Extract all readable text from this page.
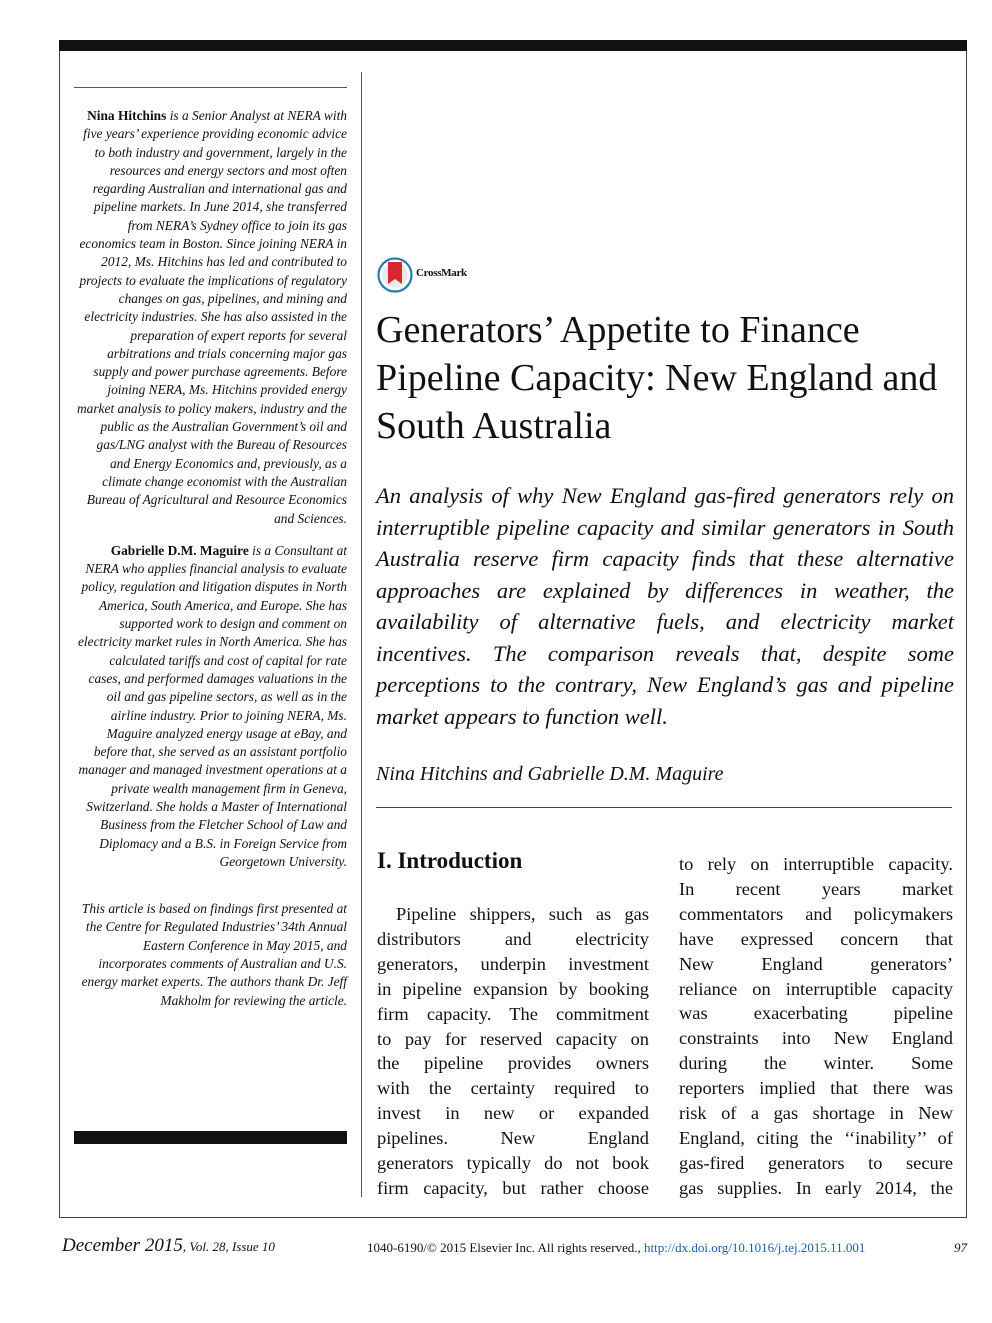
Nina Hitchins is a Senior Analyst at NERA with five years’ experience providing economic advice to both industry and government, largely in the resources and energy sectors and most often regarding Australian and international gas and pipeline markets. In June 2014, she transferred from NERA’s Sydney office to join its gas economics team in Boston. Since joining NERA in 2012, Ms. Hitchins has led and contributed to projects to evaluate the implications of regulatory changes on gas, pipelines, and mining and electricity industries. She has also assisted in the preparation of expert reports for several arbitrations and trials concerning major gas supply and power purchase agreements. Before joining NERA, Ms. Hitchins provided energy market analysis to policy makers, industry and the public as the Australian Government’s oil and gas/LNG analyst with the Bureau of Resources and Energy Economics and, previously, as a climate change economist with the Australian Bureau of Agricultural and Resource Economics and Sciences.

Gabrielle D.M. Maguire is a Consultant at NERA who applies financial analysis to evaluate policy, regulation and litigation disputes in North America, South America, and Europe. She has supported work to design and comment on electricity market rules in North America. She has calculated tariffs and cost of capital for rate cases, and performed damages valuations in the oil and gas pipeline sectors, as well as in the airline industry. Prior to joining NERA, Ms. Maguire analyzed energy usage at eBay, and before that, she served as an assistant portfolio manager and managed investment operations at a private wealth management firm in Geneva, Switzerland. She holds a Master of International Business from the Fletcher School of Law and Diplomacy and a B.S. in Foreign Service from Georgetown University.

This article is based on findings first presented at the Centre for Regulated Industries’ 34th Annual Eastern Conference in May 2015, and incorporates comments of Australian and U.S. energy market experts. The authors thank Dr. Jeff Makholm for reviewing the article.

CrossMark
Generators’ Appetite to Finance Pipeline Capacity: New England and South Australia

An analysis of why New England gas-fired generators rely on interruptible pipeline capacity and similar generators in South Australia reserve firm capacity finds that these alternative approaches are explained by differences in weather, the availability of alternative fuels, and electricity market incentives. The comparison reveals that, despite some perceptions to the contrary, New England’s gas and pipeline market appears to function well.

Nina Hitchins and Gabrielle D.M. Maguire

I. Introduction
Pipeline shippers, such as gas
distributors and electricity
generators, underpin investment
in pipeline expansion by booking
firm capacity. The commitment
to pay for reserved capacity on
the pipeline provides owners
with the certainty required to
invest in new or expanded
pipelines. New England
generators typically do not book
firm capacity, but rather choose
to rely on interruptible capacity.
In recent years market
commentators and policymakers
have expressed concern that
New England generators’
reliance on interruptible capacity
was exacerbating pipeline
constraints into New England
during the winter. Some
reporters implied that there was
risk of a gas shortage in New
England, citing the ‘‘inability’’ of
gas-fired generators to secure
gas supplies. In early 2014, the
December 2015, Vol. 28, Issue 10	1040-6190/© 2015 Elsevier Inc. All rights reserved., http://dx.doi.org/10.1016/j.tej.2015.11.001	97
